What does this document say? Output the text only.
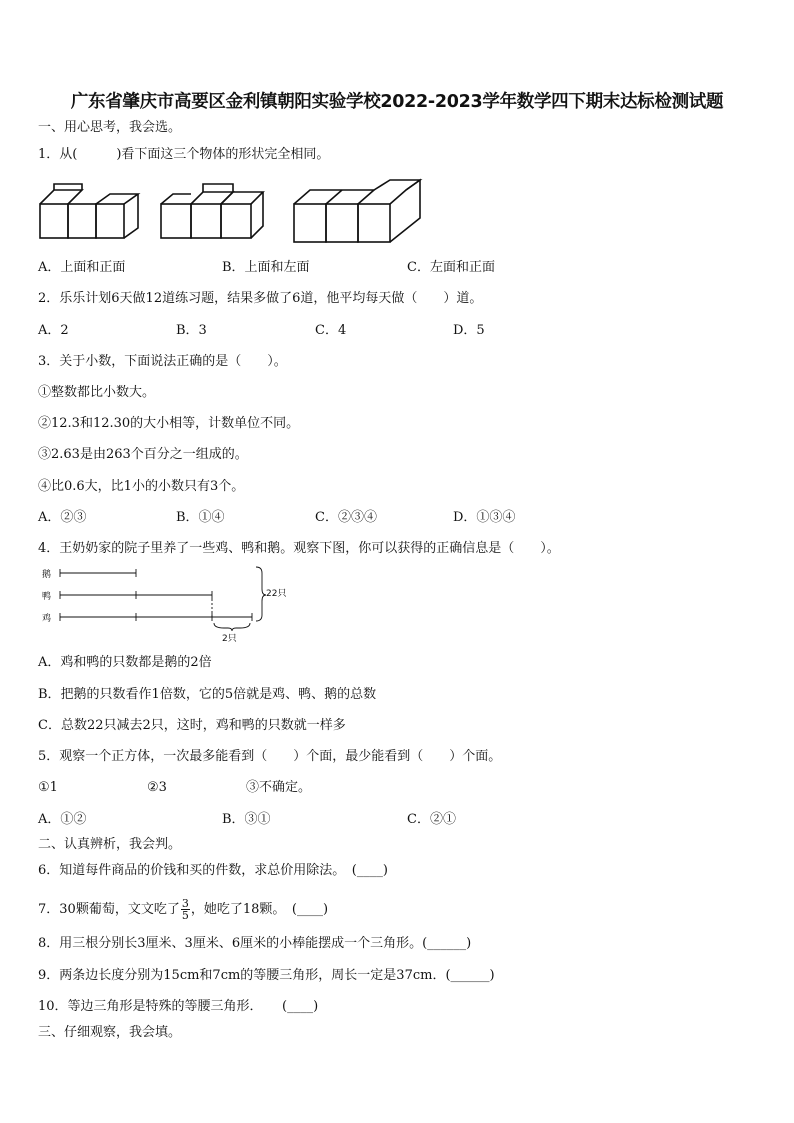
广东省肇庆市高要区金利镇朝阳实验学校2022-2023学年数学四下期末达标检测试题
一、用心思考，我会选。
1．从(　　　)看下面这三个物体的形状完全相同。
A．上面和正面	B．上面和左面	C．左面和正面
2．乐乐计划6天做12道练习题，结果多做了6道，他平均每天做（　　）道。
A．2	B．3	C．4	D．5
3．关于小数，下面说法正确的是（　　）。
①整数都比小数大。
②12.3和12.30的大小相等，计数单位不同。
③2.63是由263个百分之一组成的。
④比0.6大，比1小的小数只有3个。
A．②③	B．①④	C．②③④	D．①③④
4．王奶奶家的院子里养了一些鸡、鸭和鹅。观察下图，你可以获得的正确信息是（　　）。
鹅
鸭
鸡
22只
2只
A．鸡和鸭的只数都是鹅的2倍
B．把鹅的只数看作1倍数，它的5倍就是鸡、鸭、鹅的总数
C．总数22只减去2只，这时，鸡和鸭的只数就一样多
5．观察一个正方体，一次最多能看到（　　）个面，最少能看到（　　）个面。
①1	②3	③不确定。
A．①②	B．③①	C．②①
二、认真辨析，我会判。
6．知道每件商品的价钱和买的件数，求总价用除法。　(____)
7．30颗葡萄，文文吃了 $\frac{3}{5}$ ，她吃了18颗。　(____)
8．用三根分别长3厘米、3厘米、6厘米的小棒能摆成一个三角形。(______)
9．两条边长度分别为15cm和7cm的等腰三角形，周长一定是37cm．(______)
10．等边三角形是特殊的等腰三角形．　　(____)
三、仔细观察，我会填。
